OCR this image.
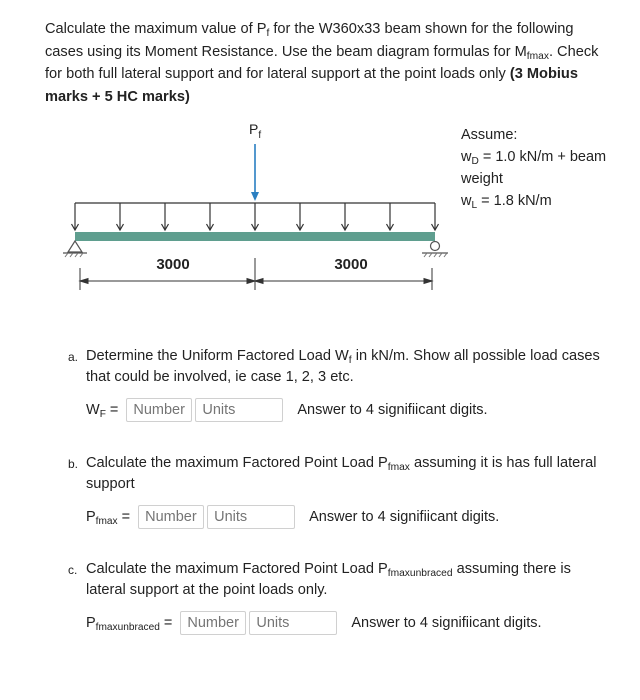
Calculate the maximum value of $P_f$ for the W360x33 beam shown for the following cases using its Moment Resistance. Use the beam diagram formulas for $M_{fmax}$. Check for both full lateral support and for lateral support at the point loads only (3 Mobius marks + 5 HC marks)
$P_f$
3000	3000
Assume:
$w_D = 1.0$ kN/m + beam
weight
$w_L = 1.8$ kN/m
a. Determine the Uniform Factored Load $W_f$ in kN/m. Show all possible load cases that could be involved, ie case 1, 2, 3 etc.
$W_F$ =
Number
Units	Answer to 4 signifiicant digits.
b. Calculate the maximum Factored Point Load $P_{fmax}$ assuming it is has full lateral support
$P_{fmax}$ =
Number
Units	Answer to 4 signifiicant digits.
c. Calculate the maximum Factored Point Load $P_{fmaxunbraced}$ assuming there is lateral support at the point loads only.
$P_{fmaxunbraced}$ =
Number
Units	Answer to 4 signifiicant digits.
